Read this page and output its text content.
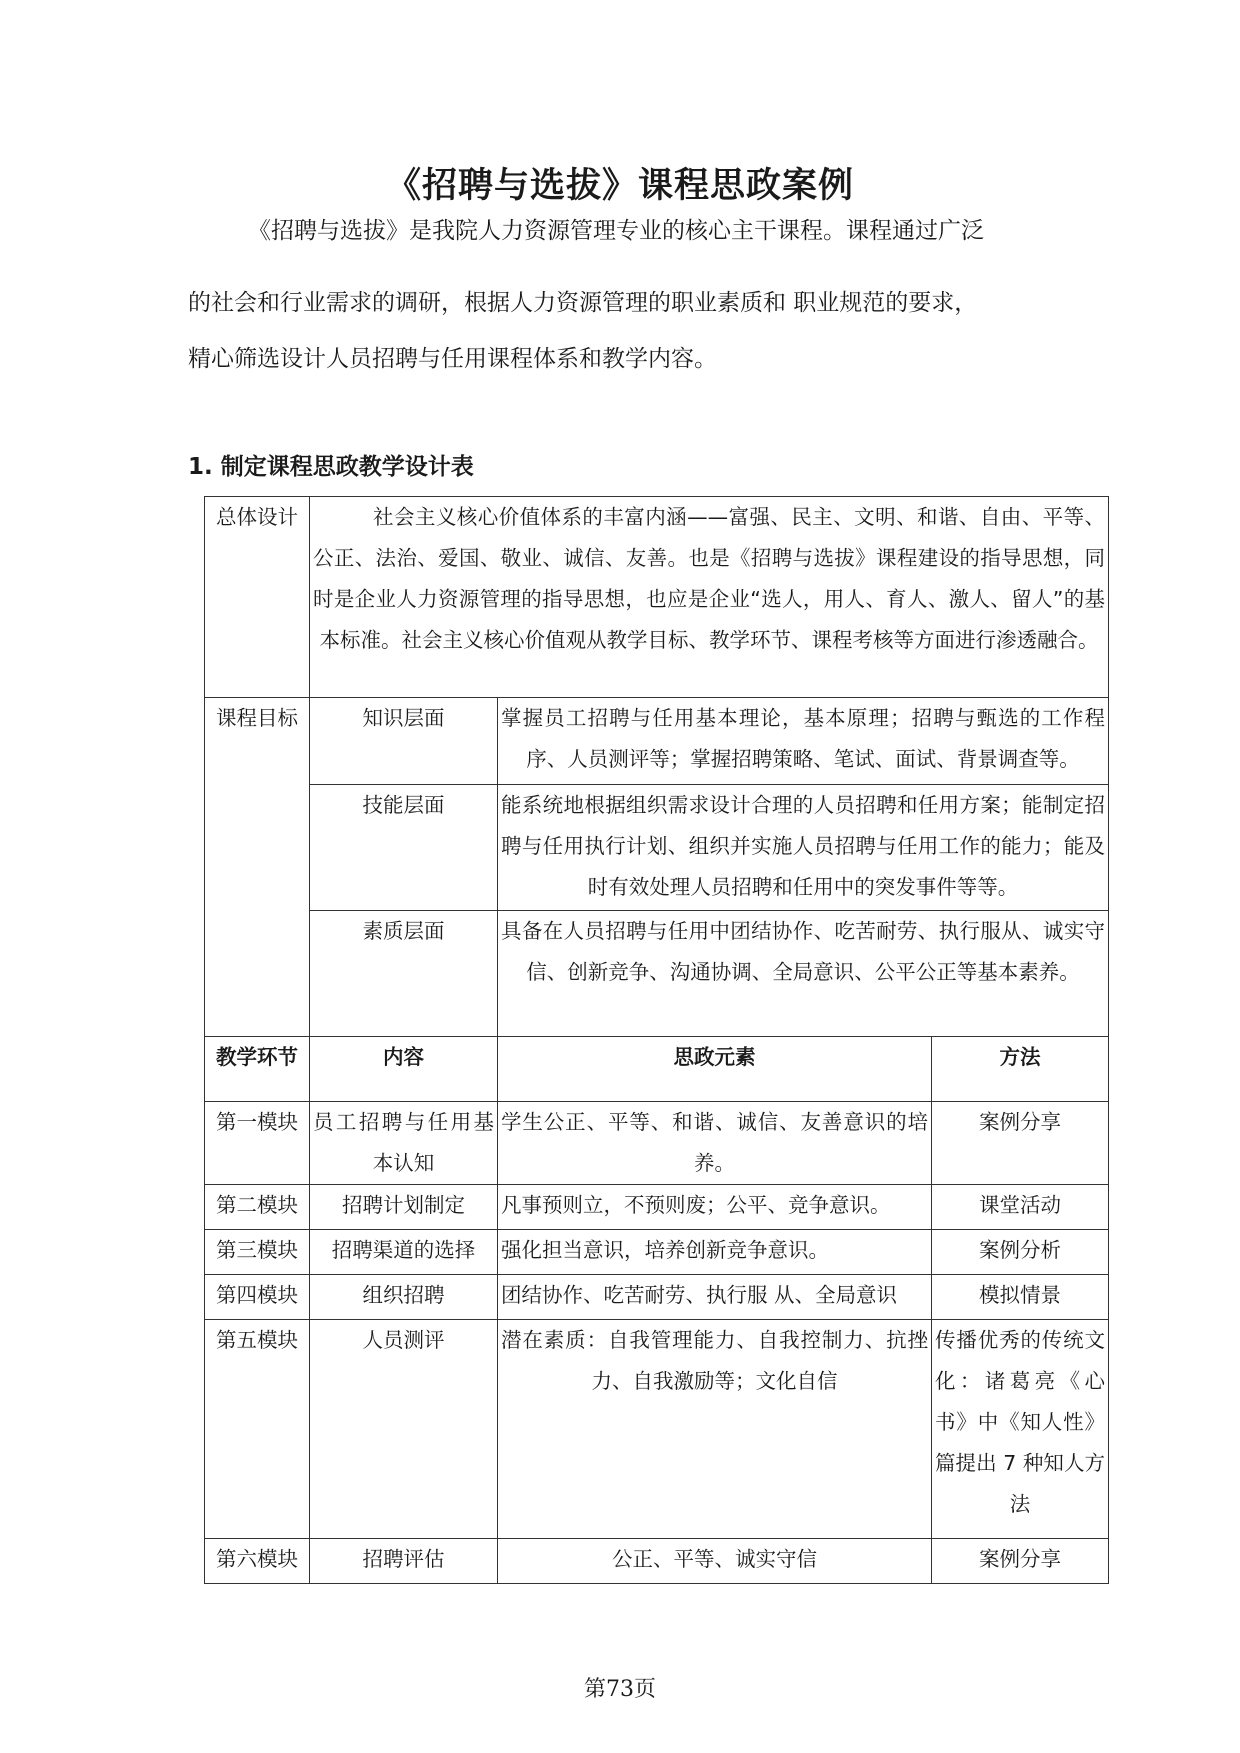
《招聘与选拔》课程思政案例
《招聘与选拔》是我院人力资源管理专业的核心主干课程。课程通过广泛
的社会和行业需求的调研，根据人力资源管理的职业素质和 职业规范的要求，
精心筛选设计人员招聘与任用课程体系和教学内容。
1. 制定课程思政教学设计表
总体设计	社会主义核心价值体系的丰富内涵——富强、民主、文明、和谐、自由、平等、公正、法治、爱国、敬业、诚信、友善。也是《招聘与选拔》课程建设的指导思想，同时是企业人力资源管理的指导思想，也应是企业“选人，用人、育人、激人、留人”的基本标准。社会主义核心价值观从教学目标、教学环节、课程考核等方面进行渗透融合。		
课程目标	知识层面	掌握员工招聘与任用基本理论，基本原理；招聘与甄选的工作程序、人员测评等；掌握招聘策略、笔试、面试、背景调查等。	
	技能层面	能系统地根据组织需求设计合理的人员招聘和任用方案；能制定招聘与任用执行计划、组织并实施人员招聘与任用工作的能力；能及时有效处理人员招聘和任用中的突发事件等等。	
	素质层面	具备在人员招聘与任用中团结协作、吃苦耐劳、执行服从、诚实守信、创新竞争、沟通协调、全局意识、公平公正等基本素养。	
教学环节	内容	思政元素	方法
第一模块	员工招聘与任用基本认知	学生公正、平等、和谐、诚信、友善意识的培养。	案例分享
第二模块	招聘计划制定	凡事预则立，不预则废；公平、竞争意识。	课堂活动
第三模块	招聘渠道的选择	强化担当意识，培养创新竞争意识。	案例分析
第四模块	组织招聘	团结协作、吃苦耐劳、执行服 从、全局意识	模拟情景
第五模块	人员测评	潜在素质：自我管理能力、自我控制力、抗挫力、自我激励等；文化自信	传播优秀的传统文化：诸葛亮《心书》中《知人性》篇提出 7 种知人方法
第六模块	招聘评估	公正、平等、诚实守信	案例分享
第73页
